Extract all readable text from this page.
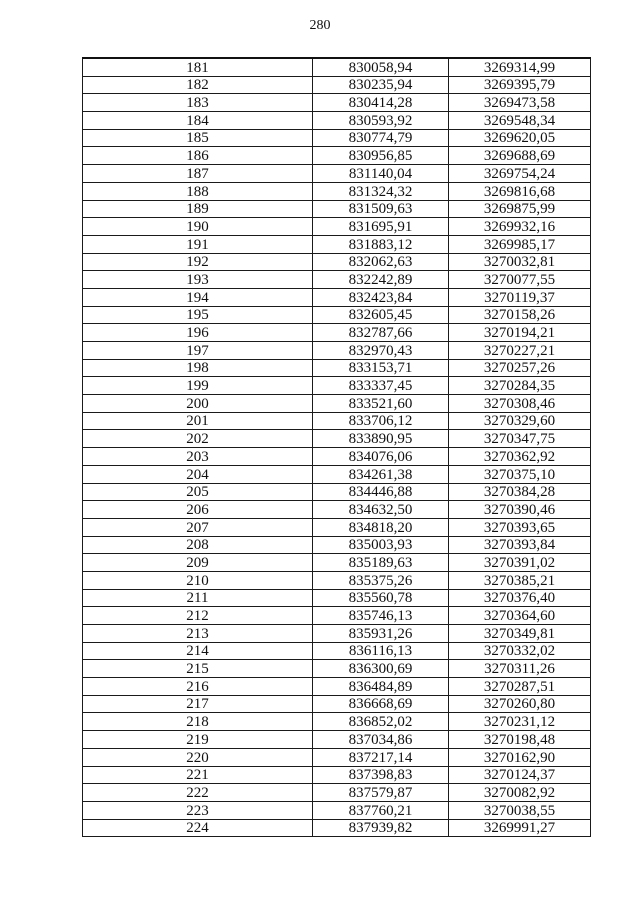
280
181	830058,94	3269314,99
182	830235,94	3269395,79
183	830414,28	3269473,58
184	830593,92	3269548,34
185	830774,79	3269620,05
186	830956,85	3269688,69
187	831140,04	3269754,24
188	831324,32	3269816,68
189	831509,63	3269875,99
190	831695,91	3269932,16
191	831883,12	3269985,17
192	832062,63	3270032,81
193	832242,89	3270077,55
194	832423,84	3270119,37
195	832605,45	3270158,26
196	832787,66	3270194,21
197	832970,43	3270227,21
198	833153,71	3270257,26
199	833337,45	3270284,35
200	833521,60	3270308,46
201	833706,12	3270329,60
202	833890,95	3270347,75
203	834076,06	3270362,92
204	834261,38	3270375,10
205	834446,88	3270384,28
206	834632,50	3270390,46
207	834818,20	3270393,65
208	835003,93	3270393,84
209	835189,63	3270391,02
210	835375,26	3270385,21
211	835560,78	3270376,40
212	835746,13	3270364,60
213	835931,26	3270349,81
214	836116,13	3270332,02
215	836300,69	3270311,26
216	836484,89	3270287,51
217	836668,69	3270260,80
218	836852,02	3270231,12
219	837034,86	3270198,48
220	837217,14	3270162,90
221	837398,83	3270124,37
222	837579,87	3270082,92
223	837760,21	3270038,55
224	837939,82	3269991,27
